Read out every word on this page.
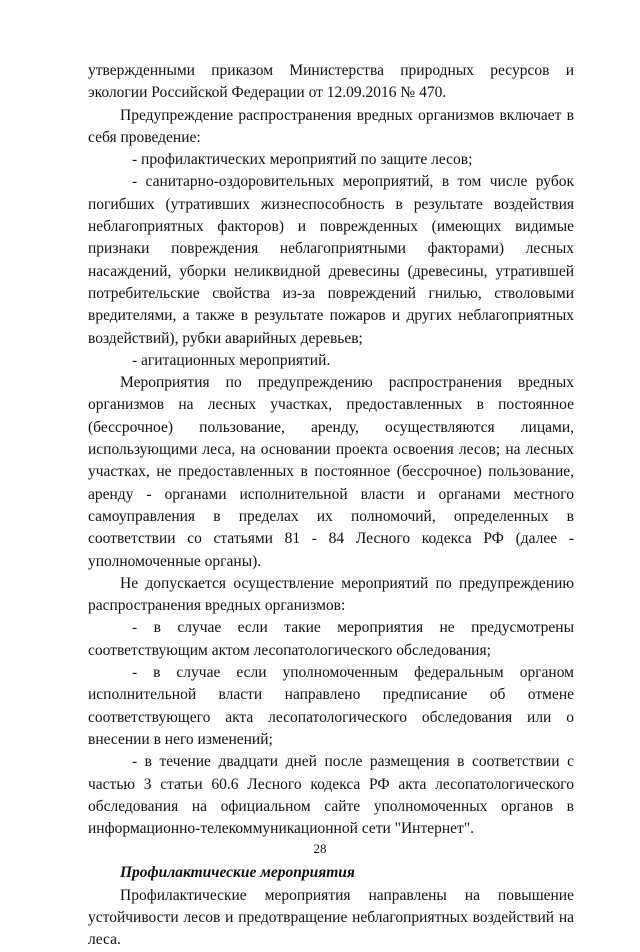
утвержденными приказом Министерства природных ресурсов и экологии Российской Федерации от 12.09.2016 № 470.

Предупреждение распространения вредных организмов включает в себя проведение:

- профилактических мероприятий по защите лесов;

- санитарно-оздоровительных мероприятий, в том числе рубок погибших (утративших жизнеспособность в результате воздействия неблагоприятных факторов) и поврежденных (имеющих видимые признаки повреждения неблагоприятными факторами) лесных насаждений, уборки неликвидной древесины (древесины, утратившей потребительские свойства из-за повреждений гнилью, стволовыми вредителями, а также в результате пожаров и других неблагоприятных воздействий), рубки аварийных деревьев;

- агитационных мероприятий.

Мероприятия по предупреждению распространения вредных организмов на лесных участках, предоставленных в постоянное (бессрочное) пользование, аренду, осуществляются лицами, использующими леса, на основании проекта освоения лесов; на лесных участках, не предоставленных в постоянное (бессрочное) пользование, аренду - органами исполнительной власти и органами местного самоуправления в пределах их полномочий, определенных в соответствии со статьями 81 - 84 Лесного кодекса РФ (далее - уполномоченные органы).

Не допускается осуществление мероприятий по предупреждению распространения вредных организмов:

- в случае если такие мероприятия не предусмотрены соответствующим актом лесопатологического обследования;

- в случае если уполномоченным федеральным органом исполнительной власти направлено предписание об отмене соответствующего акта лесопатологического обследования или о внесении в него изменений;

- в течение двадцати дней после размещения в соответствии с частью 3 статьи 60.6 Лесного кодекса РФ акта лесопатологического обследования на официальном сайте уполномоченных органов в информационно-телекоммуникационной сети "Интернет".

Профилактические мероприятия

Профилактические мероприятия направлены на повышение устойчивости лесов и предотвращение неблагоприятных воздействий на леса.

28
